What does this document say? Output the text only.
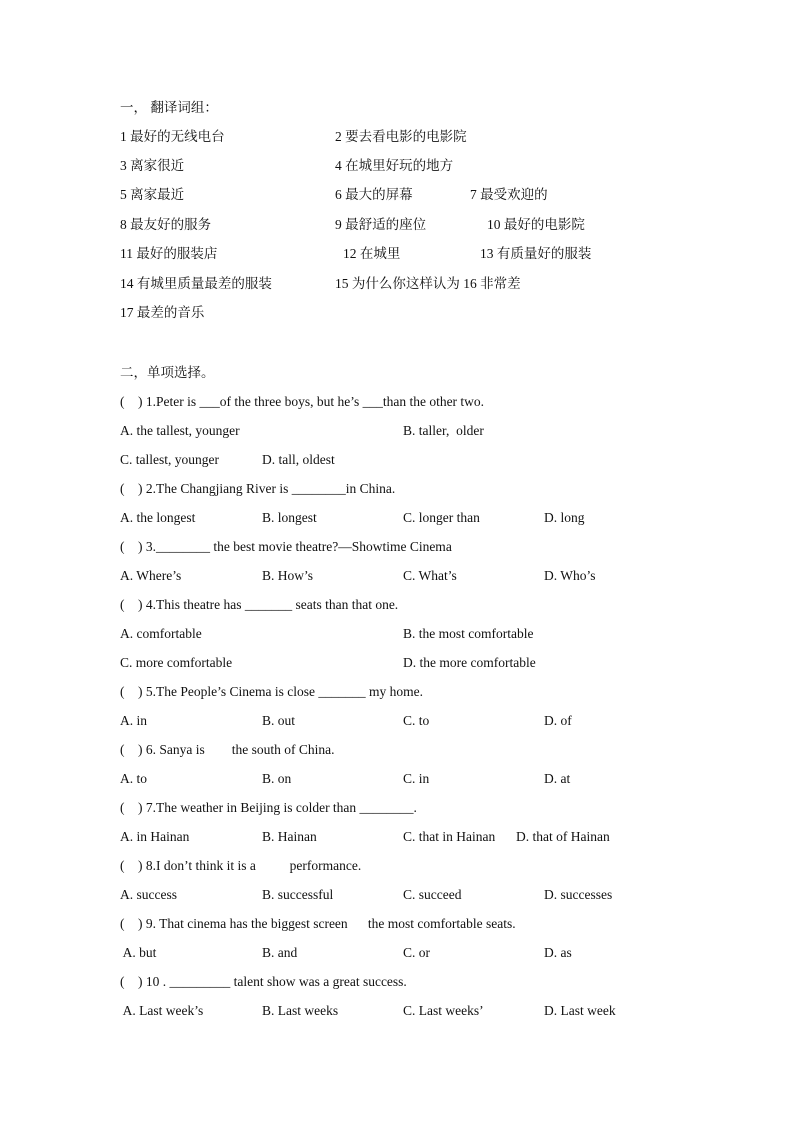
一， 翻译词组：
1 最好的无线电台	2 要去看电影的电影院
3 离家很近	4 在城里好玩的地方
5 离家最近	6 最大的屏幕	7 最受欢迎的
8 最友好的服务	9 最舒适的座位	10 最好的电影院
11 最好的服装店	12 在城里	13 有质量好的服装
14 有城里质量最差的服装	15 为什么你这样认为 16 非常差
17 最差的音乐
二，单项选择。
(    ) 1.Peter is ___of the three boys, but he’s ___than the other two.
A. the tallest, younger	B. taller,  older
C. tallest, younger	D. tall, oldest
(    ) 2.The Changjiang River is ________in China.
A. the longest	B. longest	C. longer than	D. long
(    ) 3.________ the best movie theatre?—Showtime Cinema
A. Where’s	B. How’s	C. What’s	D. Who’s
(    ) 4.This theatre has _______ seats than that one.
A. comfortable	B. the most comfortable
C. more comfortable	D. the more comfortable
(    ) 5.The People’s Cinema is close _______ my home.
A. in	B. out	C. to	D. of
(    ) 6. Sanya is        the south of China.
A. to	B. on	C. in	D. at
(    ) 7.The weather in Beijing is colder than ________.
A. in Hainan	B. Hainan	C. that in Hainan D. that of Hainan
(    ) 8.I don’t think it is a          performance.
A. success	B. successful	C. succeed	D. successes
(    ) 9. That cinema has the biggest screen      the most comfortable seats.
A. but	B. and	C. or	D. as
(    ) 10 . _________ talent show was a great success.
A. Last week’s	B. Last weeks	C. Last weeks’	D. Last week
